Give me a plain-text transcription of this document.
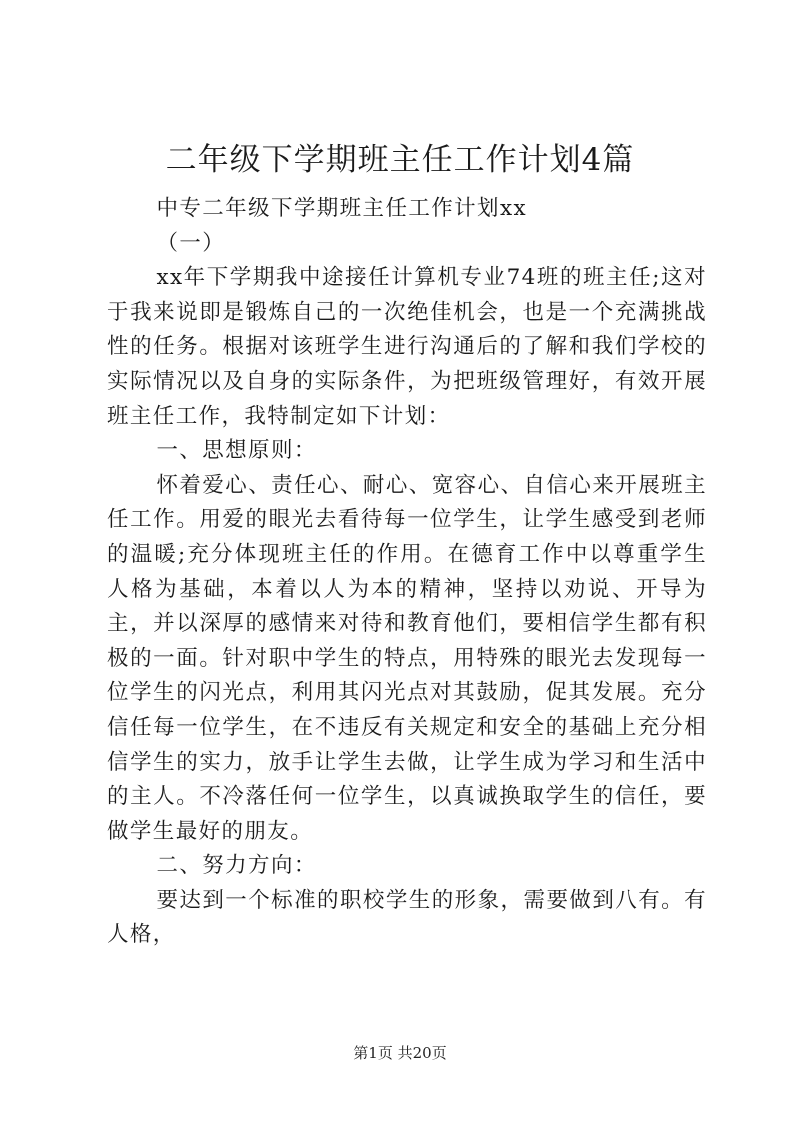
二年级下学期班主任工作计划4篇

中专二年级下学期班主任工作计划xx

（一）

xx年下学期我中途接任计算机专业74班的班主任;这对于我来说即是锻炼自己的一次绝佳机会，也是一个充满挑战性的任务。根据对该班学生进行沟通后的了解和我们学校的实际情况以及自身的实际条件，为把班级管理好，有效开展班主任工作，我特制定如下计划：

一、思想原则：

怀着爱心、责任心、耐心、宽容心、自信心来开展班主任工作。用爱的眼光去看待每一位学生，让学生感受到老师的温暖;充分体现班主任的作用。在德育工作中以尊重学生人格为基础，本着以人为本的精神，坚持以劝说、开导为主，并以深厚的感情来对待和教育他们，要相信学生都有积极的一面。针对职中学生的特点，用特殊的眼光去发现每一位学生的闪光点，利用其闪光点对其鼓励，促其发展。充分信任每一位学生，在不违反有关规定和安全的基础上充分相信学生的实力，放手让学生去做，让学生成为学习和生活中的主人。不冷落任何一位学生，以真诚换取学生的信任，要做学生最好的朋友。

二、努力方向：

要达到一个标准的职校学生的形象，需要做到八有。有人格，

第1页 共20页
